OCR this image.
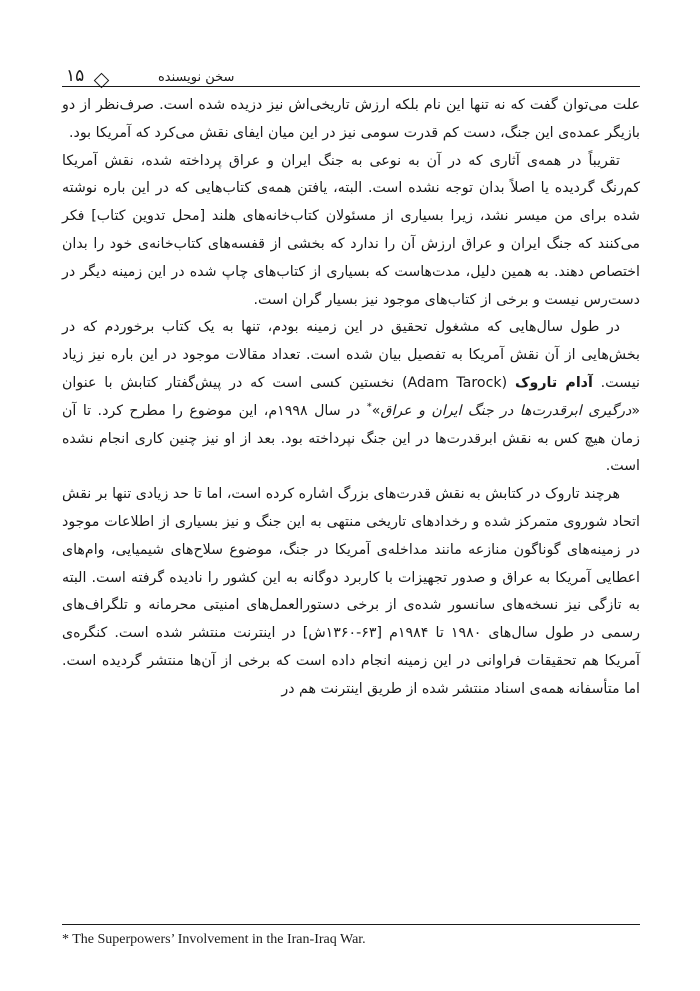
۱۵	سخن نویسنده

علت می‌توان گفت که نه تنها این نام بلکه ارزش تاریخی‌اش نیز دزیده شده است. صرف‌نظر از دو بازیگر عمده‌ی این جنگ، دست کم قدرت سومی نیز در این میان ایفای نقش می‌کرد که آمریکا بود.

تقریباً در همه‌ی آثاری که در آن به نوعی به جنگ ایران و عراق پرداخته شده، نقش آمریکا کم‌رنگ گردیده یا اصلاً بدان توجه نشده است. البته، یافتن همه‌ی کتاب‌هایی که در این باره نوشته شده برای من میسر نشد، زیرا بسیاری از مسئولان کتاب‌خانه‌های هلند [محل تدوین کتاب] فکر می‌کنند که جنگ ایران و عراق ارزش آن را ندارد که بخشی از قفسه‌های کتاب‌خانه‌ی خود را بدان اختصاص دهند. به همین دلیل، مدت‌هاست که بسیاری از کتاب‌های چاپ شده در این زمینه دیگر در دست‌رس نیست و برخی از کتاب‌های موجود نیز بسیار گران است.

در طول سال‌هایی که مشغول تحقیق در این زمینه بودم، تنها به یک کتاب برخوردم که در بخش‌هایی از آن نقش آمریکا به تفصیل بیان شده است. تعداد مقالات موجود در این باره نیز زیاد نیست. آدام تاروک (Adam Tarock) نخستین کسی است که در پیش‌گفتار کتابش با عنوان «درگیری ابرقدرت‌ها در جنگ ایران و عراق»* در سال ۱۹۹۸م، این موضوع را مطرح کرد. تا آن زمان هیچ کس به نقش ابرقدرت‌ها در این جنگ نپرداخته بود. بعد از او نیز چنین کاری انجام نشده است.

هرچند تاروک در کتابش به نقش قدرت‌های بزرگ اشاره کرده است، اما تا حد زیادی تنها بر نقش اتحاد شوروی متمرکز شده و رخدادهای تاریخی منتهی به این جنگ و نیز بسیاری از اطلاعات موجود در زمینه‌های گوناگون منازعه مانند مداخله‌ی آمریکا در جنگ، موضوع سلاح‌های شیمیایی، وام‌های اعطایی آمریکا به عراق و صدور تجهیزات با کاربرد دوگانه به این کشور را نادیده گرفته است. البته به تازگی نیز نسخه‌های سانسور شده‌ی از برخی دستورالعمل‌های امنیتی محرمانه و تلگراف‌های رسمی در طول سال‌های ۱۹۸۰ تا ۱۹۸۴م [۶۳-۱۳۶۰ش] در اینترنت منتشر شده است. کنگره‌ی آمریکا هم تحقیقات فراوانی در این زمینه انجام داده است که برخی از آن‌ها منتشر گردیده است. اما متأسفانه همه‌ی اسناد منتشر شده از طریق اینترنت هم در

* The Superpowers’ Involvement in the Iran-Iraq War.
